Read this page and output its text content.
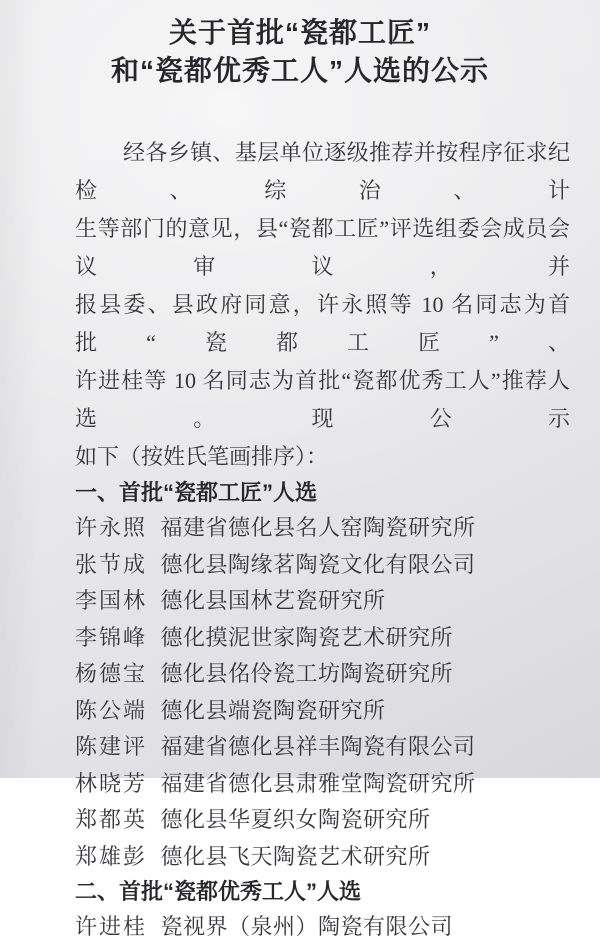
关于首批“瓷都工匠”
和“瓷都优秀工人”人选的公示
经各乡镇、基层单位逐级推荐并按程序征求纪检、综治、计
生等部门的意见，县“瓷都工匠”评选组委会成员会议审议，并
报县委、县政府同意，许永照等 10 名同志为首批“瓷都工匠”、
许进桂等 10 名同志为首批“瓷都优秀工人”推荐人选。现公示
如下（按姓氏笔画排序）：
一、首批“瓷都工匠”人选
许永照 福建省德化县名人窑陶瓷研究所
张节成 德化县陶缘茗陶瓷文化有限公司
李国林 德化县国林艺瓷研究所
李锦峰 德化摸泥世家陶瓷艺术研究所
杨德宝 德化县佲伶瓷工坊陶瓷研究所
陈公端 德化县端瓷陶瓷研究所
陈建评 福建省德化县祥丰陶瓷有限公司
林晓芳 福建省德化县肃雅堂陶瓷研究所
郑都英 德化县华夏织女陶瓷研究所
郑雄彭 德化县飞天陶瓷艺术研究所
二、首批“瓷都优秀工人”人选
许进桂 瓷视界（泉州）陶瓷有限公司
